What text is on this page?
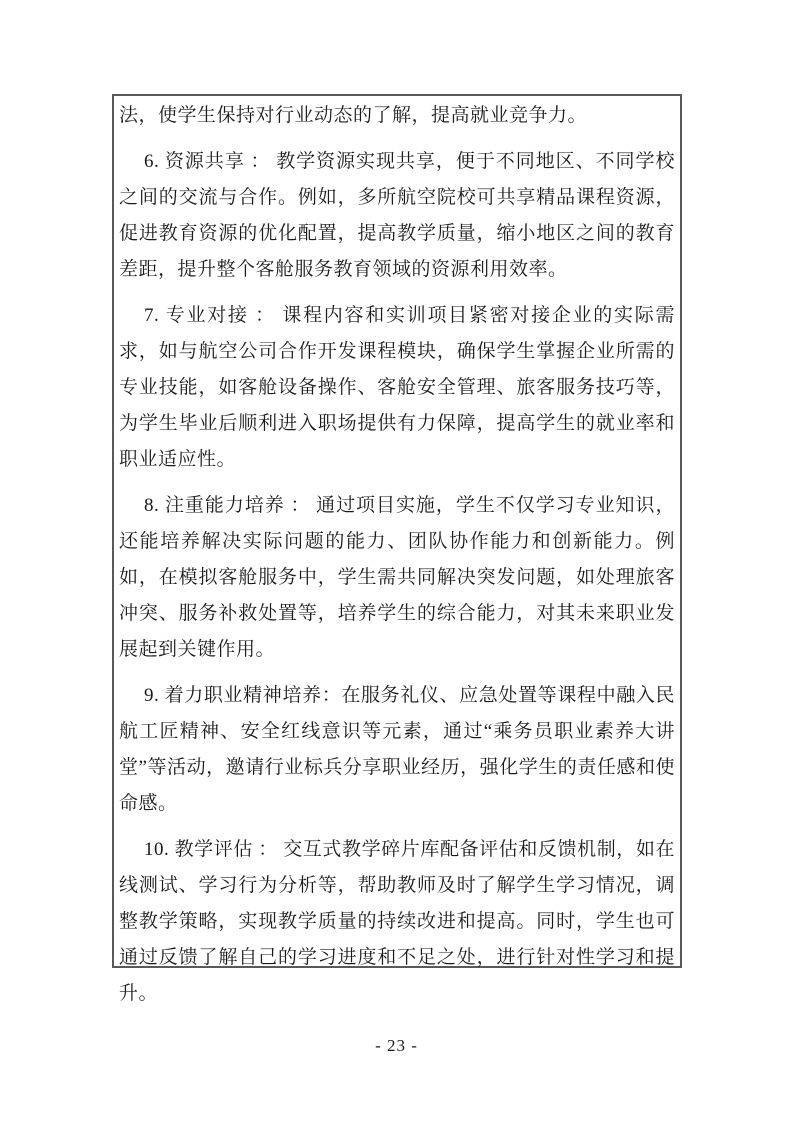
法，使学生保持对行业动态的了解，提高就业竞争力。

6. 资源共享 ： 教学资源实现共享，便于不同地区、不同学校之间的交流与合作。例如，多所航空院校可共享精品课程资源，促进教育资源的优化配置，提高教学质量，缩小地区之间的教育差距，提升整个客舱服务教育领域的资源利用效率。

7. 专业对接 ： 课程内容和实训项目紧密对接企业的实际需求，如与航空公司合作开发课程模块，确保学生掌握企业所需的专业技能，如客舱设备操作、客舱安全管理、旅客服务技巧等，为学生毕业后顺利进入职场提供有力保障，提高学生的就业率和职业适应性。

8. 注重能力培养 ： 通过项目实施，学生不仅学习专业知识，还能培养解决实际问题的能力、团队协作能力和创新能力。例如，在模拟客舱服务中，学生需共同解决突发问题，如处理旅客冲突、服务补救处置等，培养学生的综合能力，对其未来职业发展起到关键作用。

9. 着力职业精神培养：在服务礼仪、应急处置等课程中融入民航工匠精神、安全红线意识等元素，通过“乘务员职业素养大讲堂”等活动，邀请行业标兵分享职业经历，强化学生的责任感和使命感。

10. 教学评估 ： 交互式教学碎片库配备评估和反馈机制，如在线测试、学习行为分析等，帮助教师及时了解学生学习情况，调整教学策略，实现教学质量的持续改进和提高。同时，学生也可通过反馈了解自己的学习进度和不足之处，进行针对性学习和提升。

- 23 -
